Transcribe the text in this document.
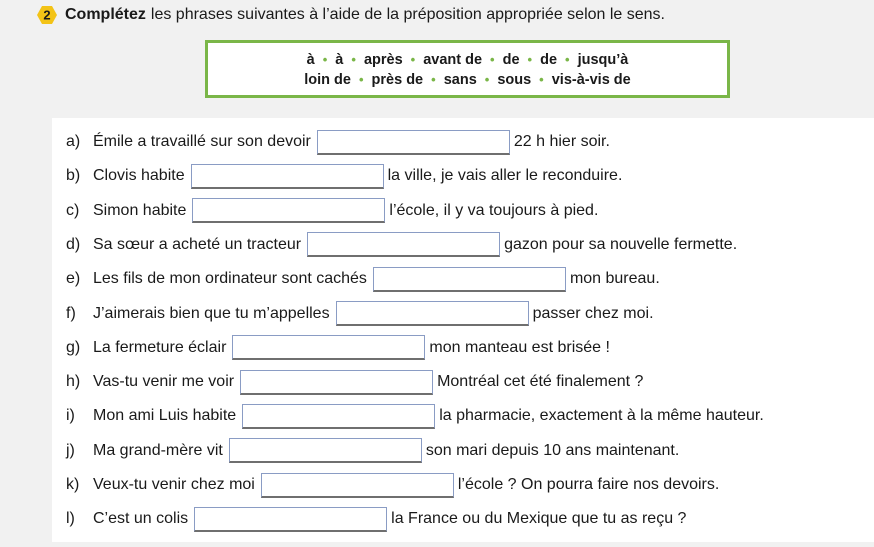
2 Complétez les phrases suivantes à l’aide de la préposition appropriée selon le sens.
à • à • après • avant de • de • de • jusqu’à
loin de • près de • sans • sous • vis-à-vis de
a) Émile a travaillé sur son devoir	22 h hier soir.
b) Clovis habite	la ville, je vais aller le reconduire.
c) Simon habite	l’école, il y va toujours à pied.
d) Sa sœur a acheté un tracteur	gazon pour sa nouvelle fermette.
e) Les fils de mon ordinateur sont cachés	mon bureau.
f)	J’aimerais bien que tu m’appelles	passer chez moi.
g) La fermeture éclair	mon manteau est brisée !
h) Vas-tu venir me voir	Montréal cet été finalement ?
i)	Mon ami Luis habite	la pharmacie, exactement à la même hauteur.
j)	Ma grand-mère vit	son mari depuis 10 ans maintenant.
k) Veux-tu venir chez moi	l’école ? On pourra faire nos devoirs.
l)	C’est un colis	la France ou du Mexique que tu as reçu ?
